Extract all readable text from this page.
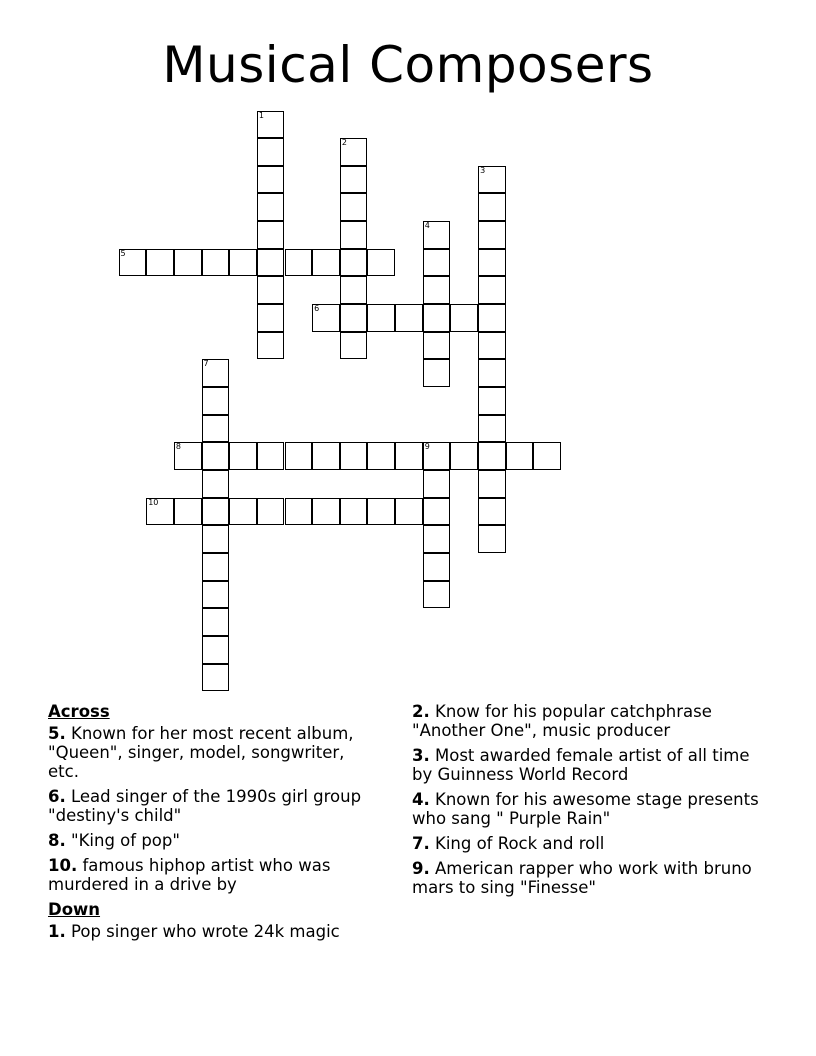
Musical Composers
1
2
3
4
5
6
7
8	9
10
Across
5. Known for her most recent album, "Queen", singer, model, songwriter, etc.
6. Lead singer of the 1990s girl group "destiny's child"
8. "King of pop"
10. famous hiphop artist who was murdered in a drive by
Down
1. Pop singer who wrote 24k magic
2. Know for his popular catchphrase "Another One", music producer
3. Most awarded female artist of all time by Guinness World Record
4. Known for his awesome stage presents who sang " Purple Rain"
7. King of Rock and roll
9. American rapper who work with bruno mars to sing "Finesse"
